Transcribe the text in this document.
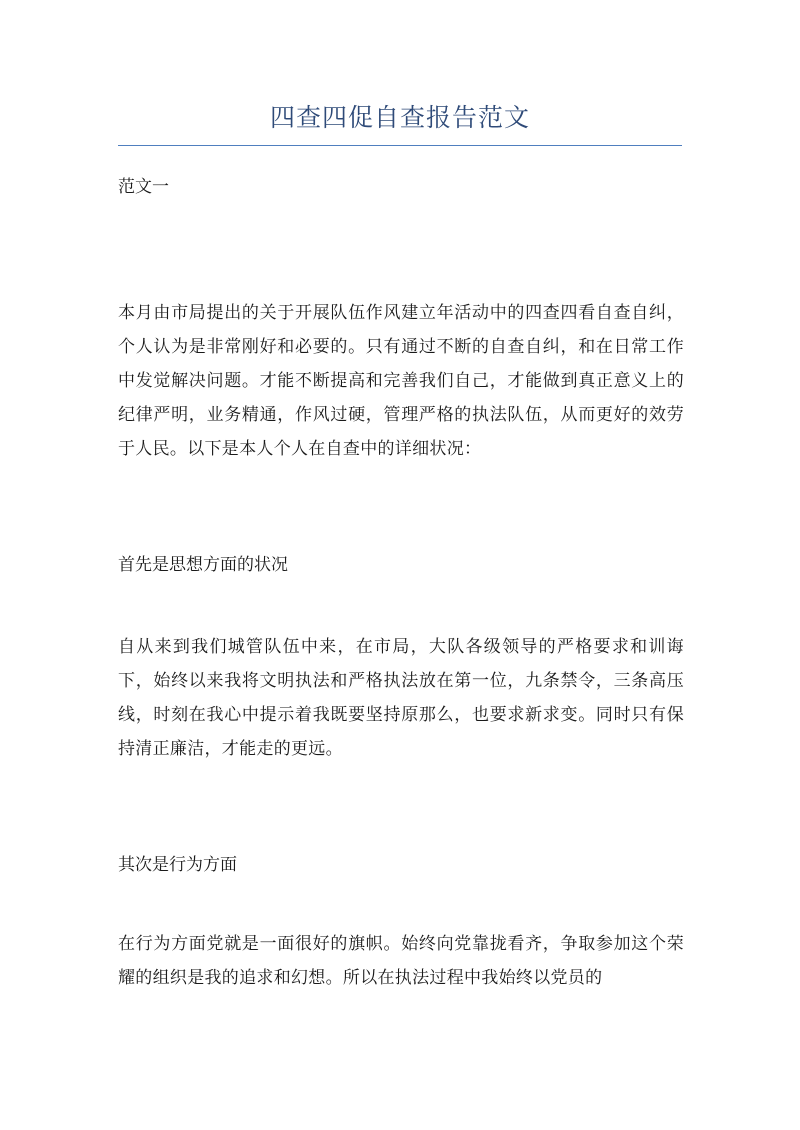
四查四促自查报告范文
范文一
本月由市局提出的关于开展队伍作风建立年活动中的四查四看自查自纠，个人认为是非常刚好和必要的。只有通过不断的自查自纠，和在日常工作中发觉解决问题。才能不断提高和完善我们自己，才能做到真正意义上的纪律严明，业务精通，作风过硬，管理严格的执法队伍，从而更好的效劳于人民。以下是本人个人在自查中的详细状况：
首先是思想方面的状况
自从来到我们城管队伍中来，在市局，大队各级领导的严格要求和训诲下，始终以来我将文明执法和严格执法放在第一位，九条禁令，三条高压线，时刻在我心中提示着我既要坚持原那么，也要求新求变。同时只有保持清正廉洁，才能走的更远。
其次是行为方面
在行为方面党就是一面很好的旗帜。始终向党靠拢看齐，争取参加这个荣耀的组织是我的追求和幻想。所以在执法过程中我始终以党员的
